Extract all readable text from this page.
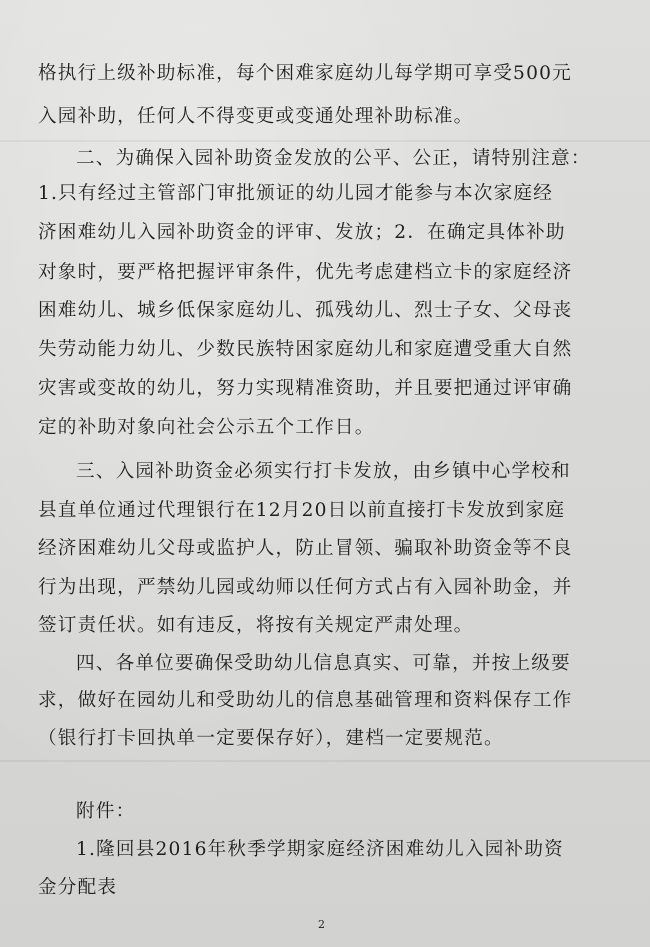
格执行上级补助标准，每个困难家庭幼儿每学期可享受500元
入园补助，任何人不得变更或变通处理补助标准。
二、为确保入园补助资金发放的公平、公正，请特别注意：
1.只有经过主管部门审批颁证的幼儿园才能参与本次家庭经
济困难幼儿入园补助资金的评审、发放；2．在确定具体补助
对象时，要严格把握评审条件，优先考虑建档立卡的家庭经济
困难幼儿、城乡低保家庭幼儿、孤残幼儿、烈士子女、父母丧
失劳动能力幼儿、少数民族特困家庭幼儿和家庭遭受重大自然
灾害或变故的幼儿，努力实现精准资助，并且要把通过评审确
定的补助对象向社会公示五个工作日。
三、入园补助资金必须实行打卡发放，由乡镇中心学校和
县直单位通过代理银行在12月20日以前直接打卡发放到家庭
经济困难幼儿父母或监护人，防止冒领、骗取补助资金等不良
行为出现，严禁幼儿园或幼师以任何方式占有入园补助金，并
签订责任状。如有违反，将按有关规定严肃处理。
四、各单位要确保受助幼儿信息真实、可靠，并按上级要
求，做好在园幼儿和受助幼儿的信息基础管理和资料保存工作
（银行打卡回执单一定要保存好），建档一定要规范。
附件：
1.隆回县2016年秋季学期家庭经济困难幼儿入园补助资
金分配表
2
